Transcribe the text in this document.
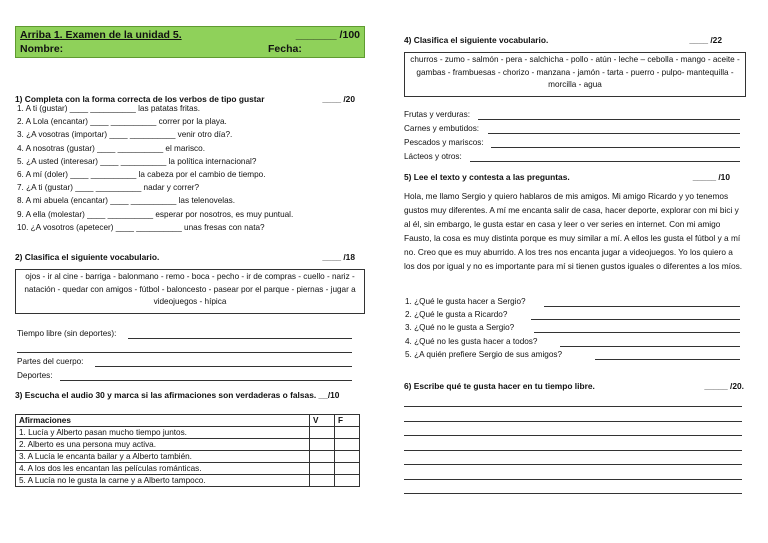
Arriba 1. Examen de la unidad 5.	_______ /100
Nombre:	Fecha:
1) Completa con la forma correcta de los verbos de tipo gustar	____ /20
1. A ti (gustar) ____ __________ las patatas fritas.
2. A Lola (encantar) ____ __________ correr por la playa.
3. ¿A vosotras (importar) ____ __________ venir otro día?.
4. A nosotras (gustar) ____ __________ el marisco.
5. ¿A usted (interesar) ____ __________ la política internacional?
6. A mí (doler) ____ __________ la cabeza por el cambio de tiempo.
7. ¿A ti (gustar) ____ __________ nadar y correr?
8. A mi abuela (encantar) ____ __________ las telenovelas.
9. A ella (molestar) ____ __________ esperar por nosotros, es muy puntual.
10. ¿A vosotros (apetecer) ____ __________ unas fresas con nata?
2) Clasifica el siguiente vocabulario.	____ /18
ojos - ir al cine - barriga - balonmano - remo - boca - pecho - ir de compras - cuello - nariz - natación - quedar con amigos - fútbol - baloncesto - pasear por el parque - piernas - jugar a videojuegos - hípica
Tiempo libre (sin deportes):
Partes del cuerpo:
Deportes:
3) Escucha el audio 30 y marca si las afirmaciones son verdaderas o falsas. __/10
Afirmaciones	V	F
1. Lucía y Alberto pasan mucho tiempo juntos.		
2. Alberto es una persona muy activa.		
3. A Lucía le encanta bailar y a Alberto también.		
4. A los dos les encantan las películas románticas.		
5. A Lucía no le gusta la carne y a Alberto tampoco.		
4) Clasifica el siguiente vocabulario.	____ /22
churros - zumo - salmón - pera - salchicha - pollo - atún - leche – cebolla - mango - aceite - gambas - frambuesas - chorizo - manzana - jamón - tarta - puerro - pulpo- mantequilla - morcilla - agua
Frutas y verduras:
Carnes y embutidos:
Pescados y mariscos:
Lácteos y otros:
5) Lee el texto y contesta a las preguntas.	_____ /10
Hola, me llamo Sergio y quiero hablaros de mis amigos. Mi amigo Ricardo y yo tenemos gustos muy diferentes. A mí me encanta salir de casa, hacer deporte, explorar con mi bici y al él, sin embargo, le gusta estar en casa y leer o ver series en internet. Con mi amigo Fausto, la cosa es muy distinta porque es muy similar a mí. A ellos les gusta el fútbol y a mí no. Creo que es muy aburrido. A los tres nos encanta jugar a videojuegos. Yo los quiero a los dos por igual y no es importante para mí si tienen gustos iguales o diferentes a los míos.
1. ¿Qué le gusta hacer a Sergio?
2. ¿Qué le gusta a Ricardo?
3. ¿Qué no le gusta a Sergio?
4. ¿Qué no les gusta hacer a todos?
5. ¿A quién prefiere Sergio de sus amigos?
6) Escribe qué te gusta hacer en tu tiempo libre.	_____ /20.
